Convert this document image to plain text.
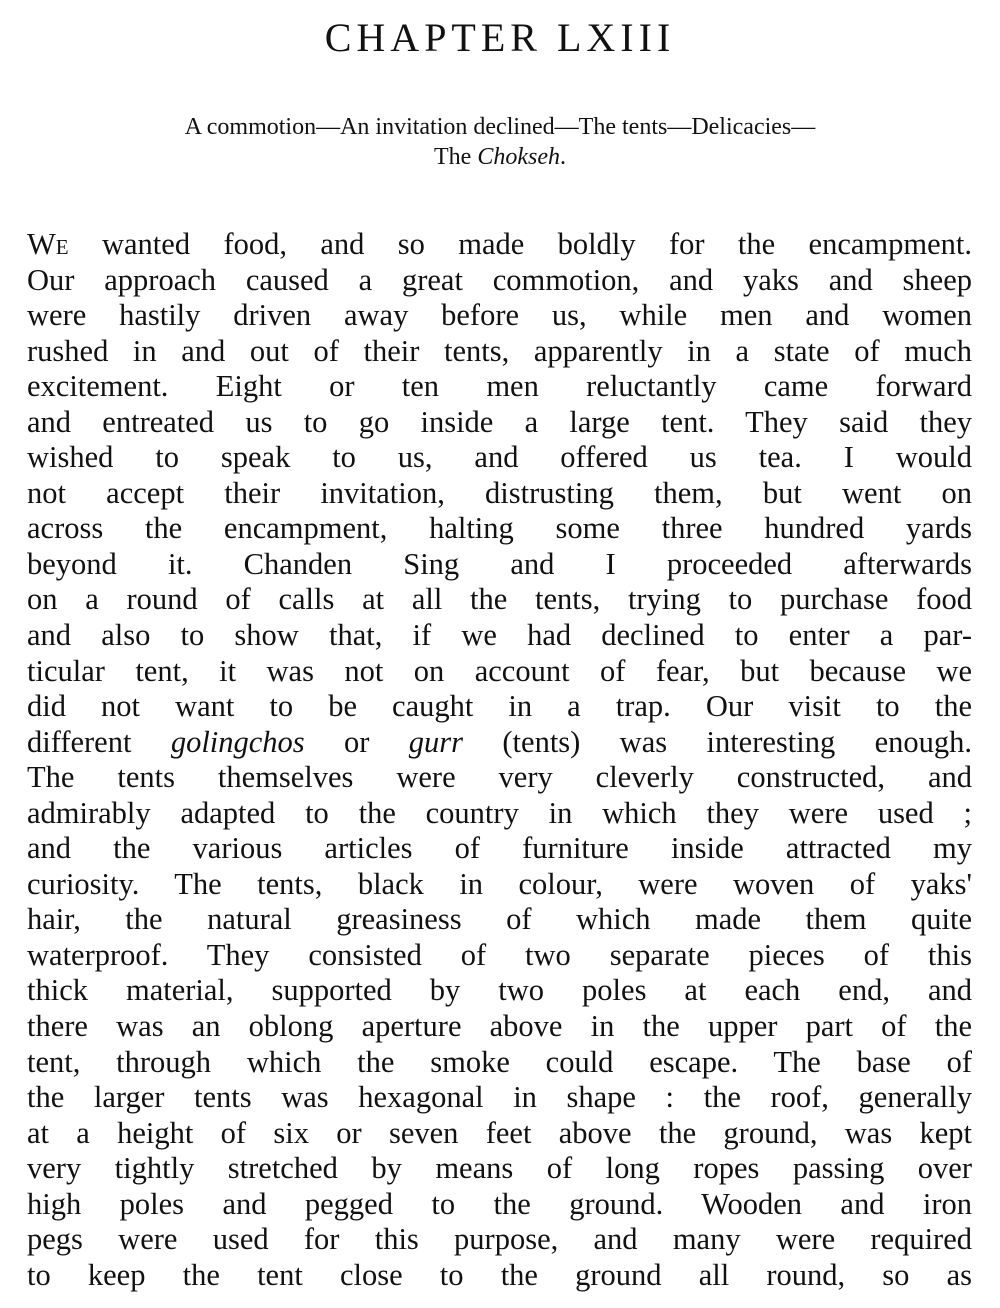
CHAPTER LXIII
A commotion—An invitation declined—The tents—Delicacies—
The Chokseh.
We wanted food, and so made boldly for the encampment.
Our approach caused a great commotion, and yaks and sheep
were hastily driven away before us, while men and women
rushed in and out of their tents, apparently in a state of much
excitement. Eight or ten men reluctantly came forward
and entreated us to go inside a large tent. They said they
wished to speak to us, and offered us tea. I would
not accept their invitation, distrusting them, but went on
across the encampment, halting some three hundred yards
beyond it. Chanden Sing and I proceeded afterwards
on a round of calls at all the tents, trying to purchase food
and also to show that, if we had declined to enter a par-
ticular tent, it was not on account of fear, but because we
did not want to be caught in a trap. Our visit to the
different golingchos or gurr (tents) was interesting enough.
The tents themselves were very cleverly constructed, and
admirably adapted to the country in which they were used ;
and the various articles of furniture inside attracted my
curiosity. The tents, black in colour, were woven of yaks'
hair, the natural greasiness of which made them quite
waterproof. They consisted of two separate pieces of this
thick material, supported by two poles at each end, and
there was an oblong aperture above in the upper part of the
tent, through which the smoke could escape. The base of
the larger tents was hexagonal in shape : the roof, generally
at a height of six or seven feet above the ground, was kept
very tightly stretched by means of long ropes passing over
high poles and pegged to the ground. Wooden and iron
pegs were used for this purpose, and many were required
to keep the tent close to the ground all round, so as
